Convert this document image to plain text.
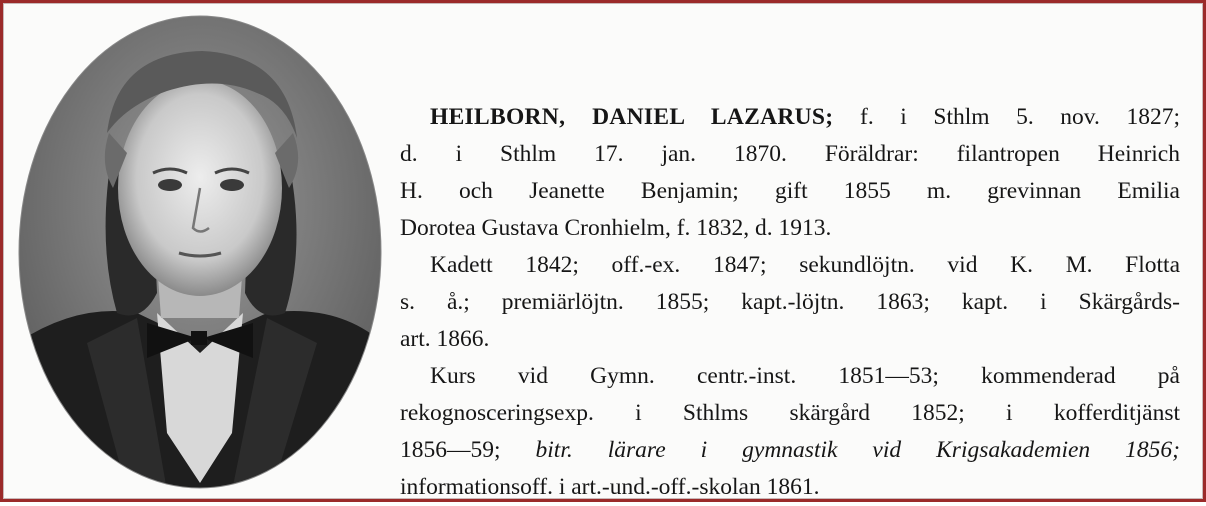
HEILBORN, DANIEL LAZARUS; f. i Sthlm 5. nov. 1827;
d. i Sthlm 17. jan. 1870. Föräldrar: filantropen Heinrich
H. och Jeanette Benjamin; gift 1855 m. grevinnan Emilia
Dorotea Gustava Cronhielm, f. 1832, d. 1913.

Kadett 1842; off.-ex. 1847; sekundlöjtn. vid K. M. Flotta
s. å.; premiärlöjtn. 1855; kapt.-löjtn. 1863; kapt. i Skärgårds-
art. 1866.

Kurs vid Gymn. centr.-inst. 1851—53; kommenderad på
rekognosceringsexp. i Sthlms skärgård 1852; i kofferditjänst
1856—59; bitr. lärare i gymnastik vid Krigsakademien 1856;
informationsoff. i art.-und.-off.-skolan 1861.
